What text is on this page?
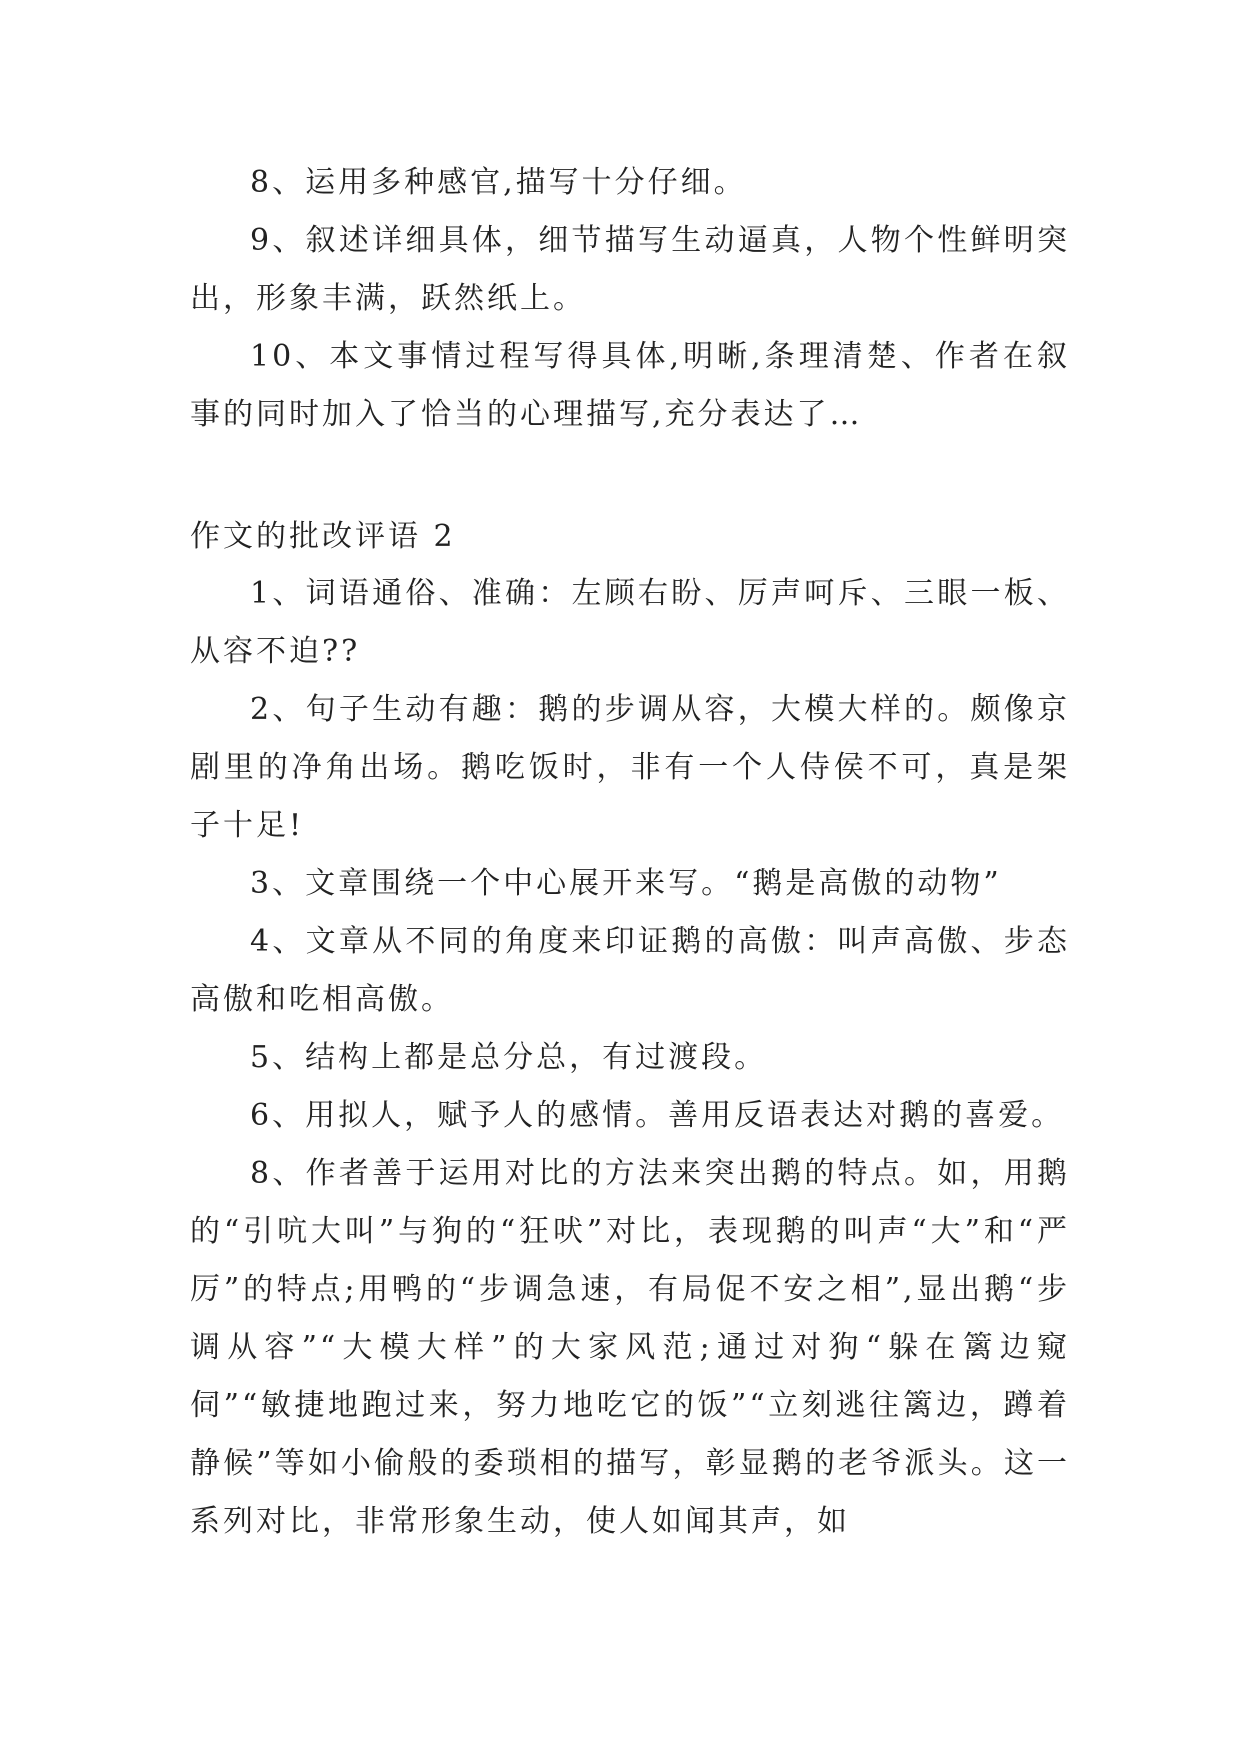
8、运用多种感官,描写十分仔细。

9、叙述详细具体，细节描写生动逼真，人物个性鲜明突出，形象丰满，跃然纸上。

10、本文事情过程写得具体,明晰,条理清楚、作者在叙事的同时加入了恰当的心理描写,充分表达了…

作文的批改评语 2

1、词语通俗、准确：左顾右盼、厉声呵斥、三眼一板、从容不迫??

2、句子生动有趣：鹅的步调从容，大模大样的。颇像京剧里的净角出场。鹅吃饭时，非有一个人侍侯不可，真是架子十足!

3、文章围绕一个中心展开来写。“鹅是高傲的动物”

4、文章从不同的角度来印证鹅的高傲：叫声高傲、步态高傲和吃相高傲。

5、结构上都是总分总，有过渡段。

6、用拟人，赋予人的感情。善用反语表达对鹅的喜爱。

8、作者善于运用对比的方法来突出鹅的特点。如，用鹅的“引吭大叫”与狗的“狂吠”对比，表现鹅的叫声“大”和“严厉”的特点;用鸭的“步调急速，有局促不安之相”,显出鹅“步调从容”“大模大样”的大家风范;通过对狗“躲在篱边窥伺”“敏捷地跑过来，努力地吃它的饭”“立刻逃往篱边，蹲着静候”等如小偷般的委琐相的描写，彰显鹅的老爷派头。这一系列对比，非常形象生动，使人如闻其声，如
